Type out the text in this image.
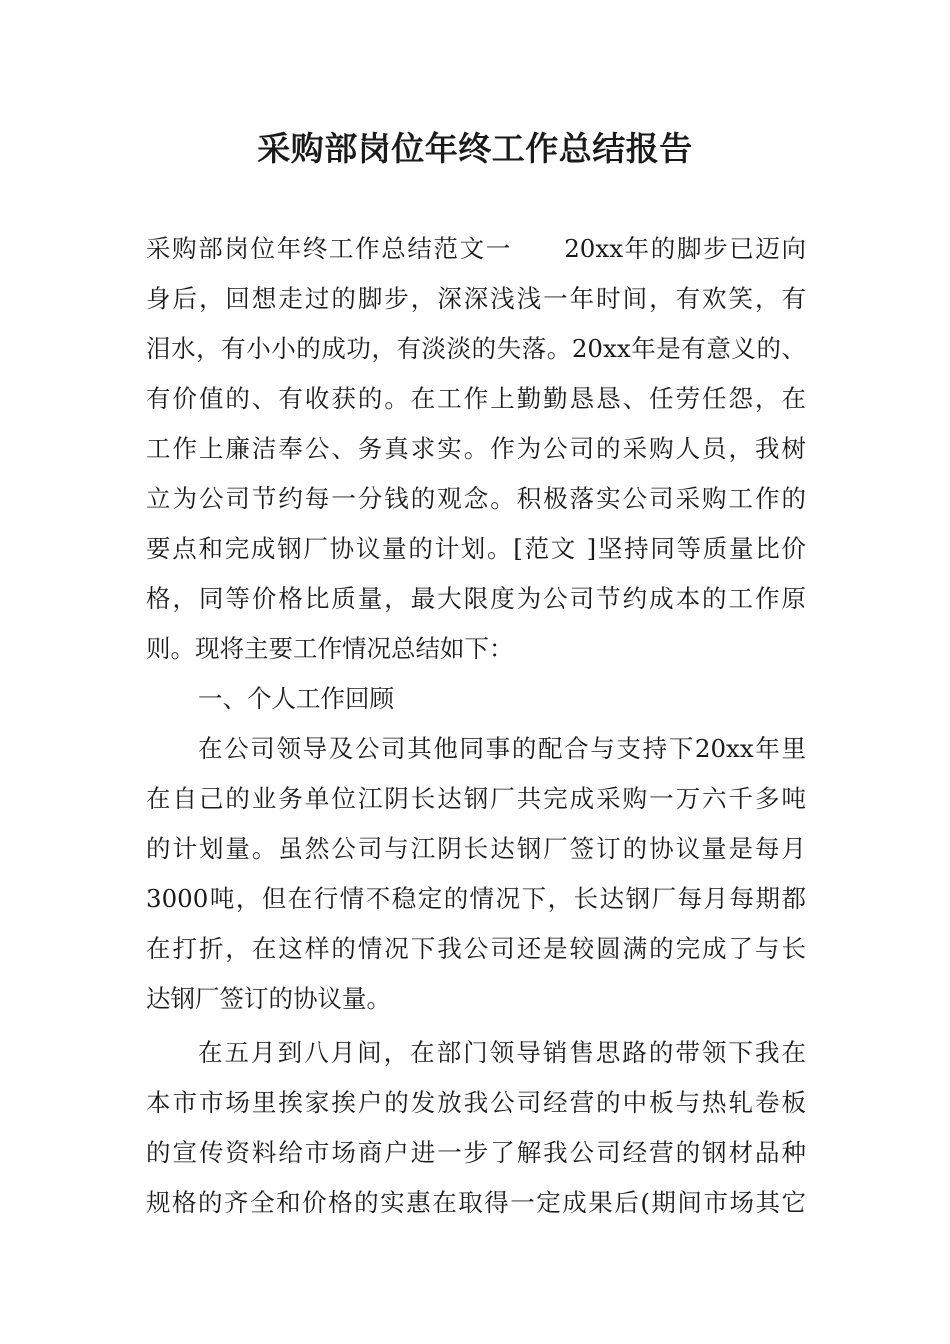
采购部岗位年终工作总结报告
采购部岗位年终工作总结范文一　　20xx年的脚步已迈向
身后，回想走过的脚步，深深浅浅一年时间，有欢笑，有
泪水，有小小的成功，有淡淡的失落。20xx年是有意义的、
有价值的、有收获的。在工作上勤勤恳恳、任劳任怨，在
工作上廉洁奉公、务真求实。作为公司的采购人员，我树
立为公司节约每一分钱的观念。积极落实公司采购工作的
要点和完成钢厂协议量的计划。[范文 ]坚持同等质量比价
格，同等价格比质量，最大限度为公司节约成本的工作原
则。现将主要工作情况总结如下：
一、个人工作回顾
在公司领导及公司其他同事的配合与支持下20xx年里
在自己的业务单位江阴长达钢厂共完成采购一万六千多吨
的计划量。虽然公司与江阴长达钢厂签订的协议量是每月
3000吨，但在行情不稳定的情况下，长达钢厂每月每期都
在打折，在这样的情况下我公司还是较圆满的完成了与长
达钢厂签订的协议量。
在五月到八月间，在部门领导销售思路的带领下我在
本市市场里挨家挨户的发放我公司经营的中板与热轧卷板
的宣传资料给市场商户进一步了解我公司经营的钢材品种
规格的齐全和价格的实惠在取得一定成果后(期间市场其它
